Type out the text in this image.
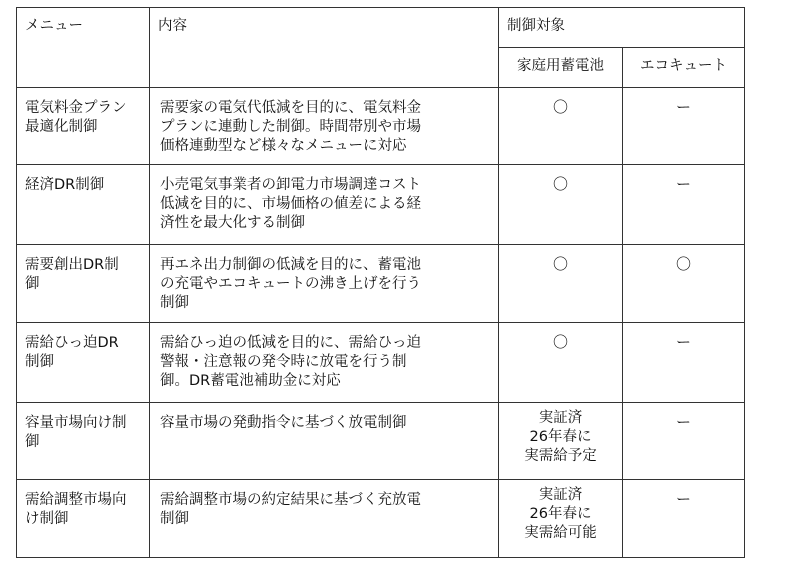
メニュー	内容	制御対象	
		家庭用蓄電池	エコキュート

電気料金プラン
最適化制御	需要家の電気代低減を目的に、電気料金
プランに連動した制御。時間帯別や市場
価格連動型など様々なメニューに対応	〇	ー

経済DR制御	小売電気事業者の卸電力市場調達コスト
低減を目的に、市場価格の値差による経
済性を最大化する制御	〇	ー

需要創出DR制
御	再エネ出力制御の低減を目的に、蓄電池
の充電やエコキュートの沸き上げを行う
制御	〇	〇

需給ひっ迫DR
制御	需給ひっ迫の低減を目的に、需給ひっ迫
警報・注意報の発令時に放電を行う制
御。DR蓄電池補助金に対応	〇	ー

容量市場向け制
御	容量市場の発動指令に基づく放電制御	実証済
26年春に
実需給予定	ー

需給調整市場向
け制御	需給調整市場の約定結果に基づく充放電
制御	実証済
26年春に
実需給可能	ー
